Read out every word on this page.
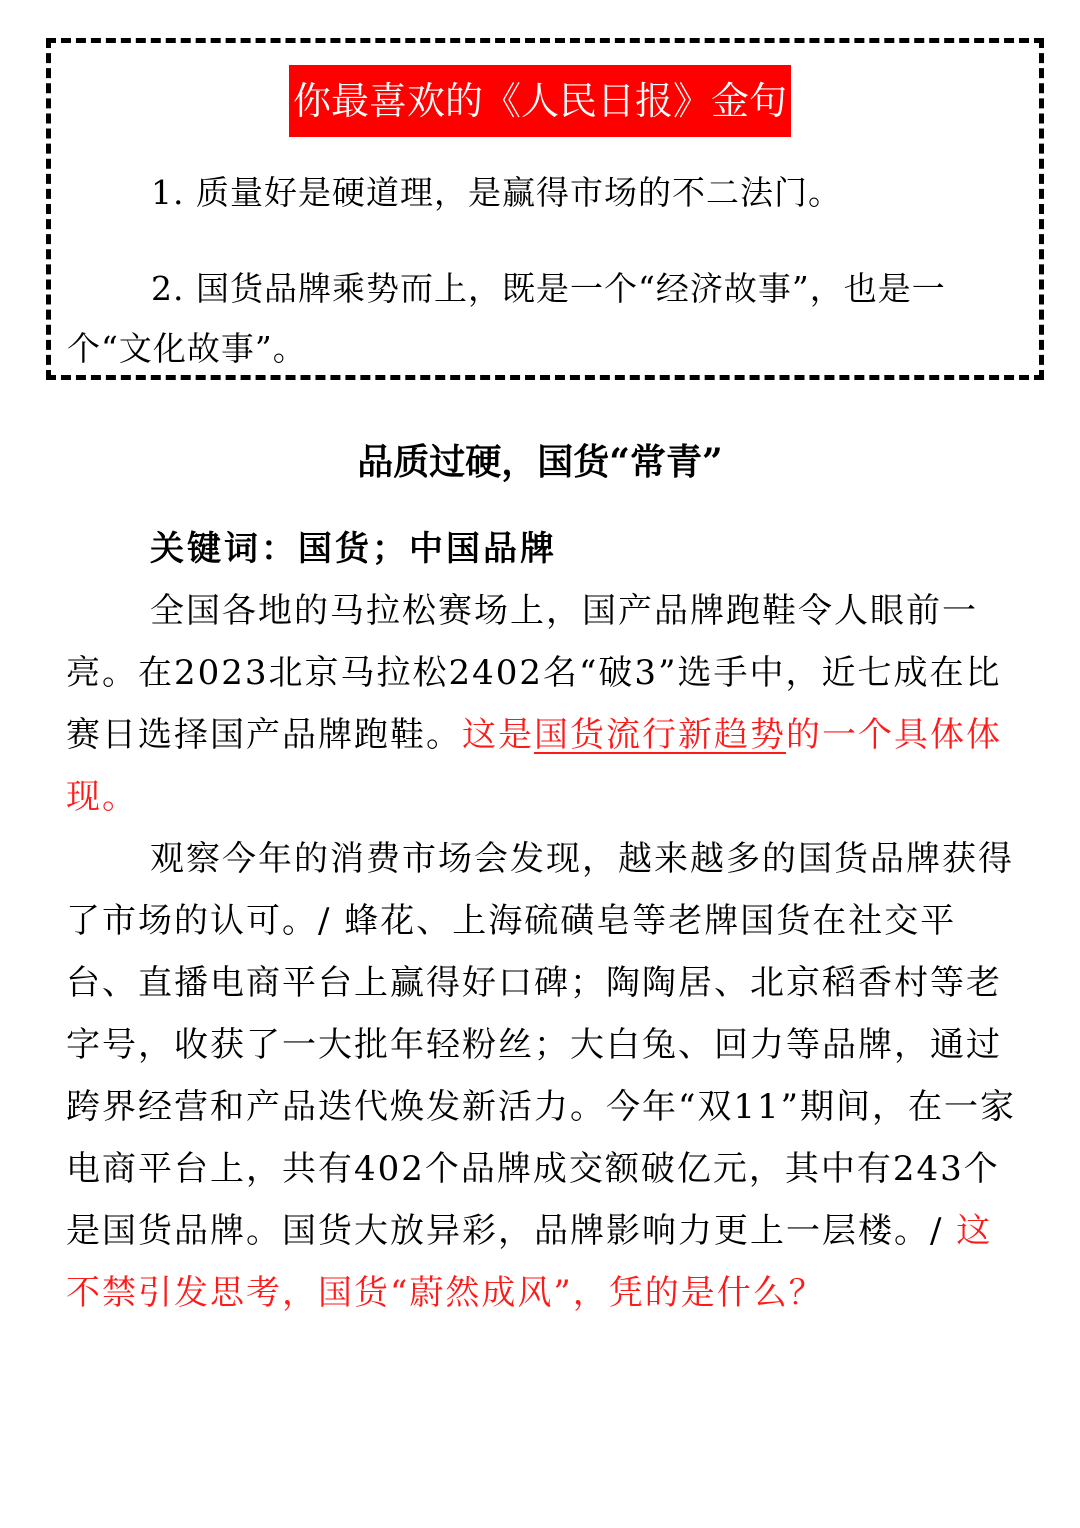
你最喜欢的《人民日报》金句
1. 质量好是硬道理，是赢得市场的不二法门。
2. 国货品牌乘势而上，既是一个“经济故事”，也是一个“文化故事”。
品质过硬，国货“常青”
关键词：国货；中国品牌

全国各地的马拉松赛场上，国产品牌跑鞋令人眼前一亮。在2023北京马拉松2402名“破3”选手中，近七成在比赛日选择国产品牌跑鞋。这是国货流行新趋势的一个具体体现。

观察今年的消费市场会发现，越来越多的国货品牌获得了市场的认可。/ 蜂花、上海硫磺皂等老牌国货在社交平台、直播电商平台上赢得好口碑；陶陶居、北京稻香村等老字号，收获了一大批年轻粉丝；大白兔、回力等品牌，通过跨界经营和产品迭代焕发新活力。今年“双11”期间，在一家电商平台上，共有402个品牌成交额破亿元，其中有243个是国货品牌。国货大放异彩，品牌影响力更上一层楼。/ 这不禁引发思考，国货“蔚然成风”，凭的是什么？
